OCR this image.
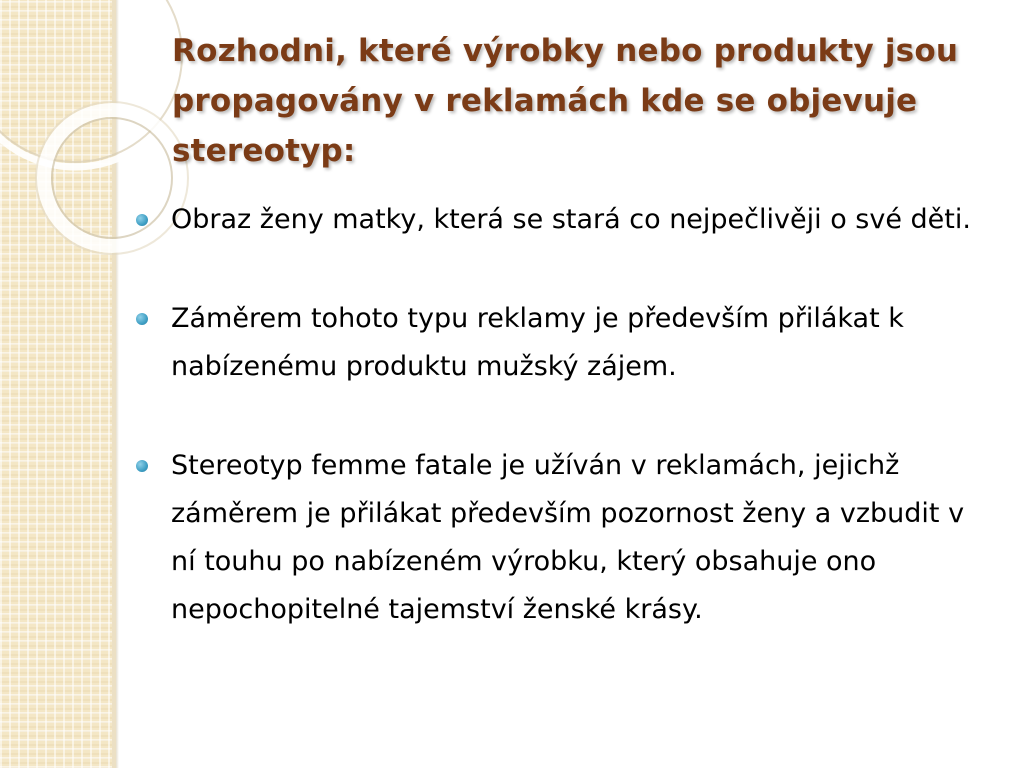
Rozhodni, které výrobky nebo produkty jsou propagovány v reklamách kde se objevuje stereotyp:
Obraz ženy matky, která se stará co nejpečlivěji o své děti.
Záměrem tohoto typu reklamy je především přilákat k nabízenému produktu mužský zájem.
Stereotyp femme fatale je užíván v reklamách, jejichž záměrem je přilákat především pozornost ženy a vzbudit v ní touhu po nabízeném výrobku, který obsahuje ono nepochopitelné tajemství ženské krásy.
